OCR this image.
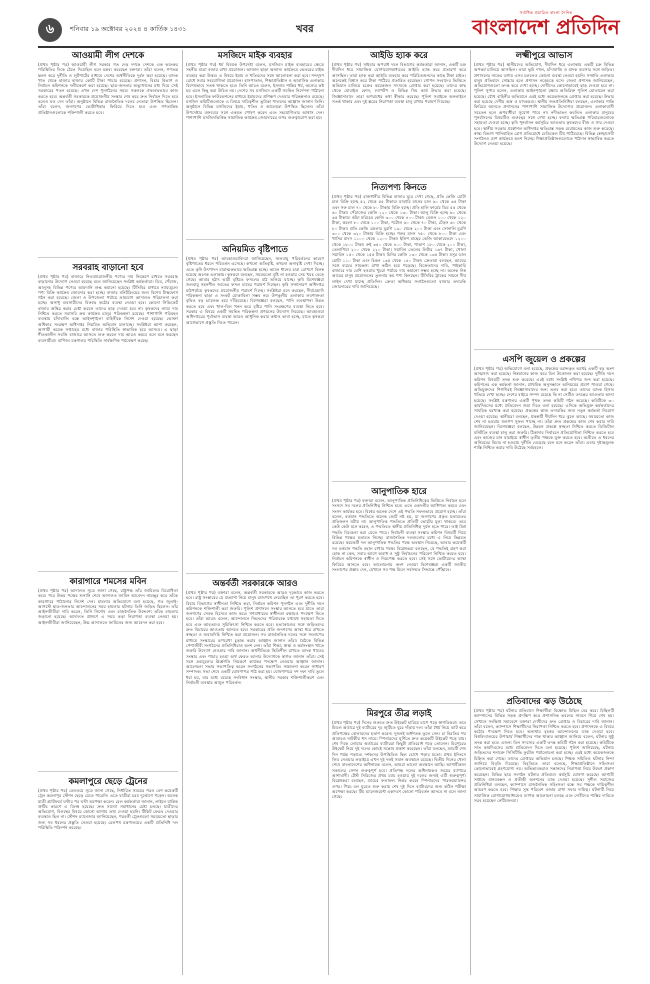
৬	শনিবার ১৯ অক্টোবর ২০২৪ ৪ কার্তিক ১৪৩১	খবর
সর্বাধিক প্রচারিত বাংলা দৈনিক
বাংলাদেশ প্রতিদিন
আওয়ামী লীগ দেশকে
(প্রথম পৃষ্ঠার পর) আওয়ামী লীগ সরকার গত দেড় দশকে দেশকে এক ভয়ংকর পরিস্থিতির দিকে ঠেলে দিয়েছিল বলে মন্তব্য করেছেন বক্তারা। তাঁরা বলেন, গণতন্ত্র ধ্বংস করে দুর্নীতি ও লুটপাটের মাধ্যমে দেশের অর্থনীতিকে দুর্বল করা হয়েছে। ব্যাংক খাত থেকে হাজার হাজার কোটি টাকা পাচার হয়েছে। প্রশাসন, বিচার বিভাগ ও নির্বাচন কমিশনকে দলীয়করণ করা হয়েছে। ছাত্র-জনতার অভ্যুত্থানের মধ্য দিয়ে সেই সরকারের পতন হয়েছে। এখন দেশ পুনর্গঠনের সময়। সকলকে ঐক্যবদ্ধভাবে কাজ করতে হবে। অন্তর্বর্তী সরকারকে প্রয়োজনীয় সংস্কার শেষ করে দ্রুত নির্বাচন দিতে হবে বলেও মত দেন তাঁরা। অনুষ্ঠানে বিভিন্ন রাজনৈতিক দলের নেতারা উপস্থিত ছিলেন। তাঁরা বলেন, জনগণের ভোটাধিকার ফিরিয়ে দিতে হবে এবং গণতান্ত্রিক প্রতিষ্ঠানগুলোকে শক্তিশালী করতে হবে।
সরবরাহ বাড়ানো হবে
(প্রথম পৃষ্ঠার পর) বাজারে নিত্যপ্রয়োজনীয় পণ্যের দাম নিয়ন্ত্রণে রাখতে সরবরাহ বাড়ানোর উদ্যোগ নেওয়া হয়েছে বলে জানিয়েছেন সংশ্লিষ্ট কর্মকর্তারা। ডিম, পেঁয়াজ, আলুসহ বিভিন্ন পণ্যের আমদানি শুল্ক কমানো হয়েছে। টিসিবির মাধ্যমে ন্যায্যমূল্যে পণ্য বিক্রি কার্যক্রম জোরদার করা হচ্ছে। বাজার মনিটরিংয়ের জন্য বিশেষ টাস্কফোর্স গঠন করা হয়েছে। জেলা ও উপজেলা পর্যায়ে ভ্রাম্যমাণ আদালত পরিচালনা করা হচ্ছে। অসাধু ব্যবসায়ীদের বিরুদ্ধে কঠোর ব্যবস্থা নেওয়া হবে। কোনো সিন্ডিকেট বাজার অস্থির করার চেষ্টা করলে তাদের ছাড় দেওয়া হবে না। কৃষকদের ন্যায্য দাম নিশ্চিত করতে সরাসরি ক্রয় কার্যক্রম চালুর পরিকল্পনা রয়েছে। পাশাপাশি পরিবহন ব্যবস্থায় চাঁদাবাজি বন্ধে আইনশৃঙ্খলা বাহিনীকে নির্দেশ দেওয়া হয়েছে। ভোক্তা অধিকার সংরক্ষণ অধিদপ্তর নিয়মিত অভিযান চালাচ্ছে। সংশ্লিষ্টরা আশা করছেন, আগামী কয়েক সপ্তাহের মধ্যে বাজার পরিস্থিতি স্বাভাবিক হয়ে আসবে। এ ছাড়া শীতকালীন সবজি বাজারে আসতে শুরু করলে দাম আরও কমবে বলে মনে করছেন ব্যবসায়ীরা। বাণিজ্য মন্ত্রণালয় পরিস্থিতি সার্বক্ষণিক পর্যবেক্ষণ করছে।
কারাগারে শমসের মবিন
(প্রথম পৃষ্ঠার পর) আদালত সূত্রে জানা গেছে, রাষ্ট্রপক্ষ তাঁর জামিনের বিরোধিতা করে। পরে উভয় পক্ষের শুনানি শেষে আদালত জামিন আবেদন নামঞ্জুর করে তাঁকে কারাগারে পাঠানোর নির্দেশ দেন। মামলার অভিযোগে বলা হয়েছে, গত জুলাই-আগস্টে ছাত্র-জনতার আন্দোলনের সময় হামলার ঘটনায় তিনি জড়িত ছিলেন। তাঁর আইনজীবীরা দাবি করেন, তিনি নির্দোষ এবং রাজনৈতিক উদ্দেশ্যে তাঁকে মামলায় জড়ানো হয়েছে। আদালত প্রাঙ্গণে এ সময় কড়া নিরাপত্তা ব্যবস্থা নেওয়া হয়। আইনজীবীরা জানিয়েছেন, উচ্চ আদালতে জামিনের জন্য আবেদন করা হবে।
কমলাপুরে ছেড়ে ট্রেনের
(প্রথম পৃষ্ঠার পর) রেলওয়ে সূত্রে জানা গেছে, নির্ধারিত সময়ের পরও বেশ কয়েকটি ট্রেন কমলাপুর স্টেশন ছেড়ে যেতে পারেনি। এতে যাত্রীরা চরম দুর্ভোগে পড়েন। অনেক যাত্রী প্ল্যাটফর্মে ঘণ্টার পর ঘণ্টা অপেক্ষা করেন। রেল কর্মকর্তারা জানান, লাইনে যান্ত্রিক ত্রুটির কারণে এ বিলম্ব হয়েছে। দ্রুত সমস্যা সমাধানের চেষ্টা চলছে। যাত্রীদের অভিযোগ, বিলম্বের বিষয়ে কোনো আগাম তথ্য দেওয়া হয়নি। টিকিট ফেরত দেওয়ার ব্যবস্থাও ছিল না। স্টেশন ম্যানেজার জানিয়েছেন, পরবর্তী ট্রেনগুলো সময়মতো ছাড়ার জন্য সব ধরনের প্রস্তুতি নেওয়া হয়েছে। রেলপথ মন্ত্রণালয়ের একটি প্রতিনিধি দল পরিস্থিতি পরিদর্শন করেছে।
মসজিদে মাইক ব্যবহার
(প্রথম পৃষ্ঠার পর) ধর্ম বিষয়ক উপদেষ্টা বলেন, মসজিদে মাইক ব্যবহারের ক্ষেত্রে সহনীয় মাত্রা বজায় রাখা প্রয়োজন। আজান ছাড়া অন্যান্য কার্যক্রমে ভেতরের মাইক ব্যবহার করা উত্তম। এ বিষয়ে ইমাম ও খতিবদের সঙ্গে আলোচনা করা হবে। শব্দদূষণ রোধে সবার সহযোগিতা প্রয়োজন। হাসপাতাল, শিক্ষাপ্রতিষ্ঠান ও আবাসিক এলাকায় বিশেষভাবে সতর্ক থাকতে হবে। তিনি আরও বলেন, ইসলাম শান্তির ধর্ম, অন্যের কষ্ট হয় এমন কিছু করা উচিত নয়। দেশের সব মসজিদে একটি সমন্বিত নির্দেশনা পাঠানো হবে। ইসলামিক ফাউন্ডেশনের মাধ্যমে ইমামদের প্রশিক্ষণ দেওয়ার পরিকল্পনাও রয়েছে। মসজিদ কমিটিগুলোকে এ বিষয়ে দায়িত্বশীল ভূমিকা পালনের আহ্বান জানান তিনি। অনুষ্ঠানে বিভিন্ন মসজিদের ইমাম, খতিব ও আলেমরা উপস্থিত ছিলেন। তাঁরা উপদেষ্টার বক্তব্যের সঙ্গে একমত পোষণ করেন এবং সহযোগিতার আশ্বাস দেন। পাশাপাশি মসজিদভিত্তিক সামাজিক কার্যক্রম জোরদারের ওপর গুরুত্বারোপ করা হয়।
অনিয়মিত বৃষ্টিপাতে
(প্রথম পৃষ্ঠার পর) আবহাওয়াবিদরা জানিয়েছেন, জলবায়ু পরিবর্তনের কারণে বৃষ্টিপাতের ধরনে পরিবর্তন এসেছে। কখনো অতিবৃষ্টি, কখনো অনাবৃষ্টি দেখা দিচ্ছে। এতে কৃষি উৎপাদন মারাত্মকভাবে ক্ষতিগ্রস্ত হচ্ছে। আমন ধানের চারা রোপণে বিলম্ব হয়েছে অনেক এলাকায়। কৃষকরা বলছেন, সময়মতো বৃষ্টি না হওয়ায় সেচ খরচ বেড়ে গেছে। আবার হঠাৎ ভারী বৃষ্টিতে ফসলের মাঠ তলিয়ে যাচ্ছে। কৃষি বিশেষজ্ঞরা জলবায়ু সহনশীল জাতের ফসল চাষের পরামর্শ দিচ্ছেন। কৃষি সম্প্রসারণ অধিদপ্তর মাঠপর্যায়ে কৃষকদের প্রয়োজনীয় পরামর্শ দিচ্ছে। সংশ্লিষ্টরা মনে করছেন, দীর্ঘমেয়াদি পরিকল্পনা ছাড়া এ সংকট মোকাবিলা সম্ভব নয়। উপকূলীয় এলাকায় লবণাক্ততা বৃদ্ধিও বড় চ্যালেঞ্জ হয়ে দাঁড়িয়েছে। বিশেষজ্ঞরা বলছেন, পানি ব্যবস্থাপনা উন্নত করতে হবে এবং খাল-বিল খনন করে বৃষ্টির পানি সংরক্ষণের ব্যবস্থা নিতে হবে। সরকার এ বিষয়ে একটি সমন্বিত পরিকল্পনা প্রণয়নের উদ্যোগ নিয়েছে। আবহাওয়া অধিদপ্তরের পূর্বাভাস ব্যবস্থা আরও আধুনিক করার কথাও ভাবা হচ্ছে, যাতে কৃষকরা আগেভাগে প্রস্তুতি নিতে পারেন।
অন্তর্বর্তী সরকারকে আরও
(প্রথম পৃষ্ঠার পর) বক্তারা বলেন, অন্তর্বর্তী সরকারকে আরও দৃঢ়ভাবে কাজ করতে হবে। রাষ্ট্র সংস্কারের যে প্রত্যাশা নিয়ে মানুষ রাজপথে নেমেছিল তা পূরণ করতে হবে। বিচার বিভাগের স্বাধীনতা নিশ্চিত করা, নির্বাচন কমিশন পুনর্গঠন এবং দুর্নীতি দমন কমিশনকে শক্তিশালী করা জরুরি। পুলিশ প্রশাসনে সংস্কার আনতে হবে যাতে তারা জনগণের সেবক হিসেবে কাজ করে। গণমাধ্যমের স্বাধীনতা রক্ষায়ও পদক্ষেপ নিতে হবে। তাঁরা আরও বলেন, আন্দোলনে নিহতদের পরিবারকে যথাযথ সহায়তা দিতে হবে এবং আহতদের সুচিকিৎসা নিশ্চিত করতে হবে। হত্যাকাণ্ডের সঙ্গে জড়িতদের দ্রুত বিচারের আওতায় আনতে হবে। সরকারের প্রতি জনগণের আস্থা ধরে রাখতে স্বচ্ছতা ও জবাবদিহি নিশ্চিত করা প্রয়োজন। সব রাজনৈতিক দলের সঙ্গে সংলাপের মাধ্যমে সংস্কারের রূপরেখা চূড়ান্ত করার আহ্বান জানান তাঁরা। বৈঠকে বিভিন্ন পেশাজীবী সংগঠনের প্রতিনিধিরাও অংশ নেন। তাঁরা শিক্ষা, স্বাস্থ্য ও কর্মসংস্থান খাতে জরুরি উদ্যোগ নেওয়ার দাবি জানান। অর্থনীতিকে স্থিতিশীল রাখতে ব্যাংক খাতের সংস্কার এবং পাচার হওয়া অর্থ ফেরত আনার উদ্যোগকে স্বাগত জানান তাঁরা। সেই সঙ্গে দ্রব্যমূল্যের ঊর্ধ্বগতি নিয়ন্ত্রণে কার্যকর পদক্ষেপ নেওয়ার আহ্বান জানান। আলোচনা সভায় সভাপতিত্ব করেন সংগঠনের সভাপতি। সঞ্চালনা করেন সাধারণ সম্পাদক। সভা শেষে একটি ঘোষণাপত্র পাঠ করা হয়। ঘোষণাপত্রে দশ দফা দাবি তুলে ধরা হয়, যার মধ্যে রয়েছে সংবিধান সংস্কার, স্থানীয় সরকার শক্তিশালীকরণ এবং নির্বাচনী ব্যবস্থার আমূল পরিবর্তন।
আইডি হ্যাক করে
(প্রথম পৃষ্ঠার পর) সাইবার অপরাধ দমন বিভাগের কর্মকর্তারা জানান, একটি চক্র দীর্ঘদিন ধরে সামাজিক যোগাযোগমাধ্যমের আইডি হ্যাক করে প্রতারণা করে আসছিল। তারা হ্যাক করা আইডি ব্যবহার করে পরিচিতজনদের কাছে টাকা চাইত। অনেকেই বিশ্বাস করে টাকা পাঠিয়ে প্রতারিত হয়েছেন। গোপন সংবাদের ভিত্তিতে অভিযান চালিয়ে চক্রের কয়েকজন সদস্যকে গ্রেপ্তার করা হয়েছে। তাদের কাছ থেকে মোবাইল ফোন, ল্যাপটপ ও বিভিন্ন সিম কার্ড উদ্ধার করা হয়েছে। জিজ্ঞাসাবাদে তারা অপরাধের কথা স্বীকার করেছে। পুলিশ সবাইকে অনলাইনে সতর্ক থাকার এবং দুই স্তরের নিরাপত্তা ব্যবস্থা চালু রাখার পরামর্শ দিয়েছে।
নিত্যপণ্য কিনতে
(প্রথম পৃষ্ঠার পর) রাজধানীর বিভিন্ন বাজার ঘুরে দেখা গেছে, প্রতি কেজি মোটা চাল বিক্রি হচ্ছে ৫২ থেকে ৫৫ টাকায়। মাঝারি মানের চাল ৬০ থেকে ৬৫ টাকা এবং সরু চাল ৭০ থেকে ৮০ টাকায় বিক্রি হচ্ছে। প্রতি হালি ফার্মের ডিম ৫৫ থেকে ৬০ টাকা। পেঁয়াজের কেজি ১২০ থেকে ১৩০ টাকা। আলু বিক্রি হচ্ছে ৬০ থেকে ৬৫ টাকায়। কাঁচা মরিচের কেজি ৩০০ থেকে ৪০০ টাকা। বেগুন ১০০ থেকে ১২০ টাকা, করলা ৮০ থেকে ১০০ টাকা, পটোল ৬০ থেকে ৭০ টাকা, ঢেঁড়স ৬০ থেকে ৮০ টাকা। প্রতি কেজি ব্রয়লার মুরগি ১৯০ থেকে ২০০ টাকা এবং সোনালি মুরগি ৩০০ থেকে ৩২০ টাকায় বিক্রি হচ্ছে। গরুর মাংস ৭৫০ থেকে ৮০০ টাকা এবং খাসির মাংস ১১০০ থেকে ১২০০ টাকা। ইলিশ মাছের কেজি আকারভেদে ১২০০ থেকে ১৮০০ টাকা। রুই ৩৫০ থেকে ৪০০ টাকা, পাঙাশ ১৮০ থেকে ২০০ টাকা, তেলাপিয়া ২০০ থেকে ২২০ টাকা। সয়াবিন তেলের লিটার ১৬৭ টাকা, খোলা সয়াবিন ১৫০ থেকে ১৫৫ টাকা। চিনির কেজি ১৩০ থেকে ১৩৫ টাকা। মসুর ডাল মোটা ১১০ টাকা এবং চিকন ১৩৫ থেকে ১৪০ টাকা। ক্রেতারা বলছেন, আয়ের সঙ্গে ব্যয়ের সামঞ্জস্য রাখা কঠিন হয়ে পড়েছে। বিক্রেতাদের দাবি, পাইকারি বাজারে দাম বেশি হওয়ায় খুচরা পর্যায়ে দাম কমানো সম্ভব হচ্ছে না। অনেক নিম্ন আয়ের মানুষ প্রয়োজনের তুলনায় কম পণ্য কিনছেন। টিসিবির ট্রাকের সামনে দীর্ঘ লাইন দেখা যাচ্ছে প্রতিদিন। ক্রেতা অধিকার সংগঠনগুলো বাজার তদারকি জোরদারের দাবি জানিয়েছে।
আনুপাতিক হারে
(প্রথম পৃষ্ঠার পর) বক্তারা বলেন, আনুপাতিক প্রতিনিধিত্বের ভিত্তিতে নির্বাচন হলে সংসদে সব দলের প্রতিনিধিত্ব নিশ্চিত হবে। এতে একদলীয় আধিপত্য কমবে এবং সংসদ কার্যকর হবে। বিশ্বের অনেক দেশে এই পদ্ধতি সফলভাবে প্রয়োগ হচ্ছে। তাঁরা বলেন, বর্তমান পদ্ধতিতে অনেক ভোট নষ্ট হয়, যা জনগণের প্রকৃত মতামতের প্রতিফলন ঘটায় না। আনুপাতিক পদ্ধতিতে প্রতিটি ভোটের মূল্য থাকবে। তবে কেউ কেউ মনে করেন, এ পদ্ধতিতে স্থানীয় প্রতিনিধিত্ব দুর্বল হতে পারে। তাই মিশ্র পদ্ধতি বিবেচনা করা যেতে পারে। নির্বাচনী ব্যবস্থা সংস্কার কমিশন বিষয়টি নিয়ে বিভিন্ন পক্ষের মতামত নিচ্ছে। রাজনৈতিক দলগুলোর মধ্যে এ নিয়ে ভিন্নমত রয়েছে। কয়েকটি দল আনুপাতিক পদ্ধতির পক্ষে অবস্থান নিয়েছে, আবার কয়েকটি দল বর্তমান পদ্ধতি বহাল রাখার পক্ষে। বিশ্লেষকরা বলছেন, যে পদ্ধতিই গ্রহণ করা হোক না কেন, সবার আগে অবাধ ও সুষ্ঠু নির্বাচনের পরিবেশ নিশ্চিত করতে হবে। নির্বাচন কমিশনকে স্বাধীন ও নিরপেক্ষ করতে হবে। সেই সঙ্গে ভোটারদের আস্থা ফিরিয়ে আনতে হবে। আলোচনায় অংশ নেওয়া বিশেষজ্ঞরা একটি জাতীয় সংলাপের প্রস্তাব দেন, যেখানে সব পক্ষ মিলে সর্বসম্মত সিদ্ধান্তে পৌঁছাবে।
মিরপুরে তীব্র লড়াই
(প্রথম পৃষ্ঠার পর) দিনের শুরুতে দ্রুত উইকেট হারিয়ে চাপে পড়ে স্বাগতিকরা। তবে মিডল অর্ডারে দুই ব্যাটারের দৃঢ় জুটিতে ঘুরে দাঁড়ায় দল। তাঁরা ধৈর্য নিয়ে ব্যাট করে প্রতিপক্ষের বোলারদের হতাশ করেন। দুজনই অর্ধশতক তুলে নেন। চা বিরতির পর আবারও নাটকীয় ধস নামে। স্পিনারদের ঘূর্ণিতে দ্রুত কয়েকটি উইকেট পড়ে যায়। শেষ দিকে লোয়ার অর্ডারের ব্যাটাররা কিছুটা প্রতিরোধ গড়ে তোলেন। মিরপুরের উইকেট নিয়ে দুই দলের কোচই সন্তোষ প্রকাশ করেছেন। তাঁরা বলছেন, ম্যাচটি শেষ দিন পর্যন্ত গড়াবে। দর্শকদের উপস্থিতিও ছিল চোখে পড়ার মতো। প্রথম ইনিংসে লিড নেওয়ার লড়াইয়ে এখন দুই দলই সমান অবস্থানে রয়েছে। দ্বিতীয় দিনের খেলা শেষে বাংলাদেশের অধিনায়ক বলেন, আমরা ভালো অবস্থানে আছি। আগামীকাল সকালের সেশন গুরুত্বপূর্ণ হবে। প্রতিপক্ষ দলের অধিনায়কও জয়ের ব্যাপারে আশাবাদী। টেস্ট সিরিজের প্রথম ম্যাচ হওয়ায় দুই দলের জন্যই এটি গুরুত্বপূর্ণ। বিশ্লেষকরা বলছেন, ম্যাচের ফলাফল নির্ভর করবে স্পিনারদের পারফরম্যান্সের ওপর। পিচে বল ঘুরতে শুরু করায় শেষ দুই দিনে ব্যাটারদের জন্য কঠিন পরীক্ষা অপেক্ষা করছে। টিম ম্যানেজমেন্ট একাদশে কোনো পরিবর্তন আনবে না বলে জানা গেছে।
লক্ষ্মীপুরে আভাস
(প্রথম পৃষ্ঠার পর) স্থানীয়দের অভিযোগ, দীর্ঘদিন ধরে এলাকায় একটি চক্র বিভিন্ন অপকর্ম চালিয়ে আসছিল। তারা ভূমি দখল, চাঁদাবাজি ও মাদক ব্যবসার সঙ্গে জড়িত। প্রশাসনের নাকের ডগায় এসব চললেও কোনো ব্যবস্থা নেওয়া হয়নি। সম্প্রতি এলাকার মানুষ প্রতিবাদে সোচ্চার হলে প্রশাসন নড়েচড়ে বসে। জেলা প্রশাসক জানিয়েছেন, অভিযোগগুলো তদন্ত করে দেখা হচ্ছে। দোষীদের কোনোভাবেই ছাড় দেওয়া হবে না। পুলিশ সুপার বলেন, এলাকায় আইনশৃঙ্খলা রক্ষায় অতিরিক্ত পুলিশ মোতায়েন করা হয়েছে। যৌথ বাহিনীর অভিযানে এরই মধ্যে কয়েকজনকে গ্রেপ্তার করা হয়েছে। উদ্ধার করা হয়েছে দেশীয় অস্ত্র ও মাদকদ্রব্য। স্থানীয় জনপ্রতিনিধিরা বলছেন, এলাকার শান্তি ফিরিয়ে আনতে প্রশাসনের পাশাপাশি সামাজিক উদ্যোগও প্রয়োজন। এলাকাবাসী সচেতন হলে অপরাধীরা সুযোগ পাবে না। নদীভাঙন কবলিত এলাকার মানুষের পুনর্বাসনের বিষয়টিও গুরুত্বের সঙ্গে দেখা হচ্ছে। বন্যায় ক্ষতিগ্রস্ত পরিবারগুলোকে সহায়তা দেওয়া হচ্ছে। কৃষি পুনর্বাসন কর্মসূচির আওতায় কৃষকদের বীজ ও সার দেওয়া হবে। স্থানীয় সরকার প্রকৌশল অধিদপ্তর ক্ষতিগ্রস্ত সড়ক মেরামতের কাজ শুরু করেছে। স্বাস্থ্য বিভাগ পানিবাহিত রোগ প্রতিরোধে মেডিকেল টিম পাঠিয়েছে। বিভিন্ন স্বেচ্ছাসেবী সংগঠনও ত্রাণ কার্যক্রমে অংশ নিচ্ছে। শিক্ষাপ্রতিষ্ঠানগুলোতে পাঠদান স্বাভাবিক করতে উদ্যোগ নেওয়া হয়েছে।
এসপি জুয়েল ও প্রকল্পের
(প্রথম পৃষ্ঠার পর) অভিযোগে বলা হয়েছে, প্রকল্পের বরাদ্দকৃত অর্থের একটি বড় অংশ আত্মসাৎ করা হয়েছে। নিম্নমানের কাজ করে বিল উত্তোলন করা হয়েছে। দুর্নীতি দমন কমিশন বিষয়টি তদন্ত শুরু করেছে। এরই মধ্যে সংশ্লিষ্ট নথিপত্র জব্দ করা হয়েছে। কমিশনের এক কর্মকর্তা জানান, প্রাথমিক অনুসন্ধানে অনিয়মের প্রমাণ পাওয়া গেছে। অভিযুক্তদের শিগগিরই জিজ্ঞাসাবাদের জন্য তলব করা হবে। তাদের ব্যাংক হিসাব খতিয়ে দেখা হচ্ছে। দেশের বাইরে সম্পদ রয়েছে কি না সেটিও তদন্তের আওতায় আনা হয়েছে। সংশ্লিষ্ট মন্ত্রণালয় একটি পৃথক তদন্ত কমিটি গঠন করেছে। কমিটিকে ৩০ কার্যদিবসের মধ্যে প্রতিবেদন জমা দিতে বলা হয়েছে। এদিকে অভিযুক্ত কর্মকর্তাদের সাময়িক বরখাস্ত করা হয়েছে। প্রকল্পের কাজ তদারকির জন্য নতুন কর্মকর্তা নিয়োগ দেওয়া হয়েছে। স্থানীয়রা বলছেন, প্রকল্পটি দীর্ঘদিন ধরে ঝুলে আছে। সময়মতো কাজ শেষ না হওয়ায় জনগণ সুফল পাচ্ছে না। তাঁরা দ্রুত প্রকল্পের কাজ শেষ করার দাবি জানিয়েছেন। বিশেষজ্ঞরা বলছেন, উন্নয়ন প্রকল্পে স্বচ্ছতা নিশ্চিত করতে ডিজিটাল মনিটরিং ব্যবস্থা চালু করা জরুরি। ঠিকাদার নির্বাচনে প্রতিযোগিতা নিশ্চিত করতে হবে এবং কাজের মান যাচাইয়ে স্বাধীন তৃতীয় পক্ষকে যুক্ত করতে হবে। অতীতে এ ধরনের অনিয়মের বিচার না হওয়ায় দুর্নীতি বেড়েছে বলে মনে করেন তাঁরা। এবার দৃষ্টান্তমূলক শাস্তি নিশ্চিত করার দাবি উঠেছে সর্বমহলে।
প্রতিবাদের ঝড় উঠেছে
(প্রথম পৃষ্ঠার পর) ঘটনার প্রতিবাদে শিক্ষার্থীরা বিক্ষোভ মিছিল বের করে। মিছিলটি ক্যাম্পাসের বিভিন্ন সড়ক প্রদক্ষিণ করে প্রশাসনিক ভবনের সামনে গিয়ে শেষ হয়। সেখানে সংক্ষিপ্ত সমাবেশে বক্তারা দোষীদের দ্রুত গ্রেপ্তার ও বিচারের দাবি জানান। তাঁরা বলেন, ক্যাম্পাসে শিক্ষার্থীদের নিরাপত্তা নিশ্চিত করতে হবে। প্রশাসনকে এ বিষয়ে কঠোর পদক্ষেপ নিতে হবে। অন্যথায় বৃহত্তর আন্দোলনের ডাক দেওয়া হবে। বিশ্ববিদ্যালয়ের উপাচার্য শিক্ষার্থীদের শান্ত থাকার আহ্বান জানিয়ে বলেন, ঘটনার সুষ্ঠু তদন্ত করা হবে। এজন্য তিন সদস্যের একটি তদন্ত কমিটি গঠন করা হয়েছে। কমিটিকে সাত কার্যদিবসের মধ্যে প্রতিবেদন দিতে বলা হয়েছে। পুলিশ জানিয়েছে, ঘটনায় জড়িতদের শনাক্তে সিসিটিভি ফুটেজ পর্যালোচনা করা হচ্ছে। এরই মধ্যে কয়েকজনকে চিহ্নিত করা গেছে। তাদের গ্রেপ্তারে অভিযান চলছে। শিক্ষক সমিতিও ঘটনার নিন্দা জানিয়ে বিবৃতি দিয়েছে। বিবৃতিতে তারা বলেছে, শিক্ষাপ্রতিষ্ঠানে সহিংসতা কোনোভাবেই গ্রহণযোগ্য নয়। অভিভাবকরাও সন্তানদের নিরাপত্তা নিয়ে উদ্বেগ প্রকাশ করেছেন। বিভিন্ন ছাত্র সংগঠন ঘটনার প্রতিবাদে কর্মসূচি ঘোষণা করেছে। আগামী সপ্তাহে মানববন্ধন ও প্রতীকী অনশনের ডাক দেওয়া হয়েছে। সুশীল সমাজের প্রতিনিধিরা বলছেন, ক্যাম্পাসে রাজনৈতিক সহিংসতা বন্ধে সব পক্ষকে দায়িত্বশীল আচরণ করতে হবে। শিক্ষার সুস্থ পরিবেশ বজায় রাখা সবার দায়িত্ব। ঘটনাটি নিয়ে সামাজিক যোগাযোগমাধ্যমেও ব্যাপক আলোচনা চলছে এবং দোষীদের শাস্তির দাবিতে সরব হয়েছেন নেটিজেনরা।
